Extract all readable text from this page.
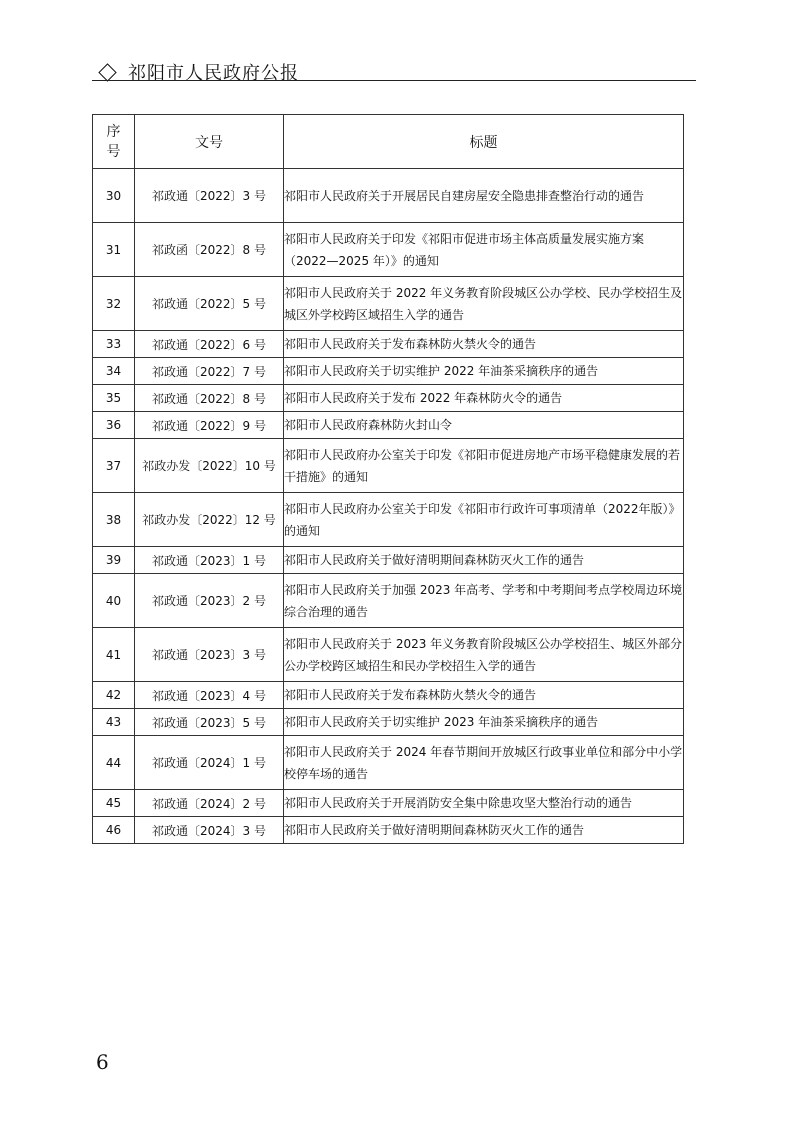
祁阳市人民政府公报
序号	文号	标题
30	祁政通〔2022〕3 号	祁阳市人民政府关于开展居民自建房屋安全隐患排查整治行动的通告
31	祁政函〔2022〕8 号	祁阳市人民政府关于印发《祁阳市促进市场主体高质量发展实施方案（2022—2025 年）》的通知
32	祁政通〔2022〕5 号	祁阳市人民政府关于 2022 年义务教育阶段城区公办学校、民办学校招生及城区外学校跨区域招生入学的通告
33	祁政通〔2022〕6 号	祁阳市人民政府关于发布森林防火禁火令的通告
34	祁政通〔2022〕7 号	祁阳市人民政府关于切实维护 2022 年油茶采摘秩序的通告
35	祁政通〔2022〕8 号	祁阳市人民政府关于发布 2022 年森林防火令的通告
36	祁政通〔2022〕9 号	祁阳市人民政府森林防火封山令
37	祁政办发〔2022〕10 号	祁阳市人民政府办公室关于印发《祁阳市促进房地产市场平稳健康发展的若干措施》的通知
38	祁政办发〔2022〕12 号	祁阳市人民政府办公室关于印发《祁阳市行政许可事项清单（2022年版）》的通知
39	祁政通〔2023〕1 号	祁阳市人民政府关于做好清明期间森林防灭火工作的通告
40	祁政通〔2023〕2 号	祁阳市人民政府关于加强 2023 年高考、学考和中考期间考点学校周边环境综合治理的通告
41	祁政通〔2023〕3 号	祁阳市人民政府关于 2023 年义务教育阶段城区公办学校招生、城区外部分公办学校跨区域招生和民办学校招生入学的通告
42	祁政通〔2023〕4 号	祁阳市人民政府关于发布森林防火禁火令的通告
43	祁政通〔2023〕5 号	祁阳市人民政府关于切实维护 2023 年油茶采摘秩序的通告
44	祁政通〔2024〕1 号	祁阳市人民政府关于 2024 年春节期间开放城区行政事业单位和部分中小学校停车场的通告
45	祁政通〔2024〕2 号	祁阳市人民政府关于开展消防安全集中除患攻坚大整治行动的通告
46	祁政通〔2024〕3 号	祁阳市人民政府关于做好清明期间森林防灭火工作的通告
6
